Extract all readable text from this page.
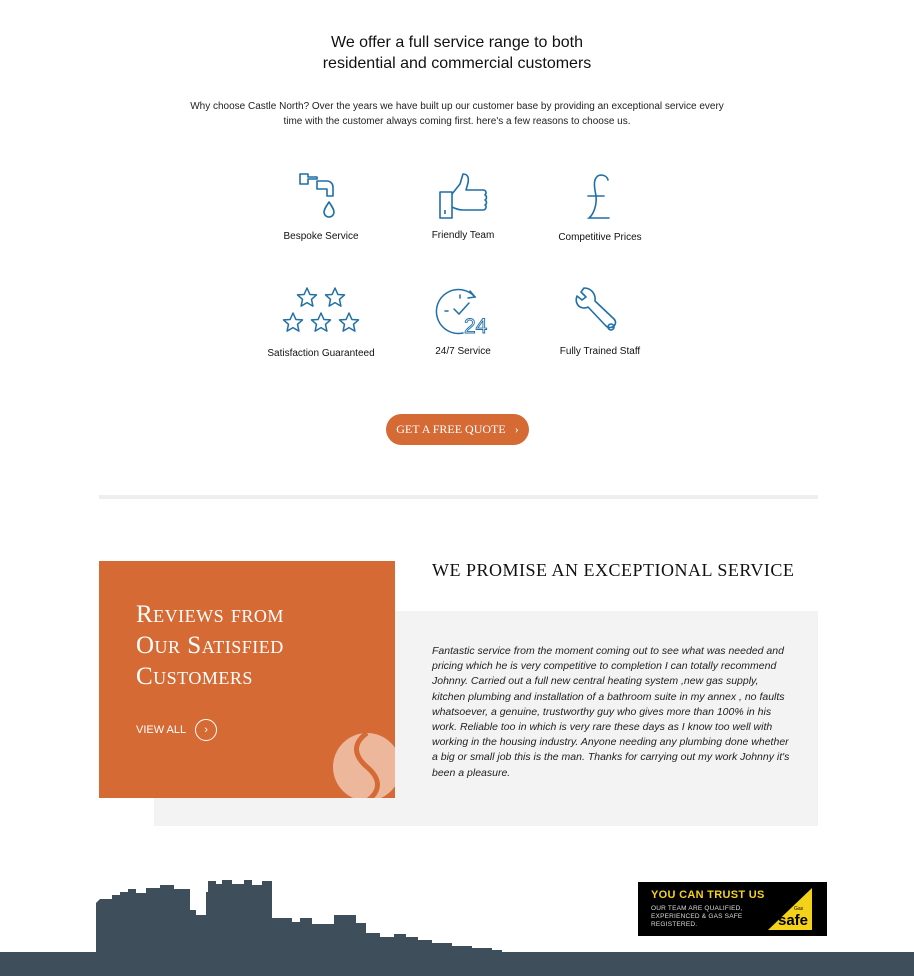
We offer a full service range to both
residential and commercial customers
Why choose Castle North? Over the years we have built up our customer base by providing an exceptional service every time with the customer always coming first. here's a few reasons to choose us.
Bespoke Service	Friendly Team	Competitive Prices
Satisfaction Guaranteed
24
24/7 Service	Fully Trained Staff
GET A FREE QUOTE ›
WE PROMISE AN EXCEPTIONAL SERVICE
Fantastic service from the moment coming out to see what was needed and pricing which he is very competitive to completion I can totally recommend Johnny. Carried out a full new central heating system ,new gas supply, kitchen plumbing and installation of a bathroom suite in my annex , no faults whatsoever, a genuine, trustworthy guy who gives more than 100% in his work. Reliable too in which is very rare these days as I know too well with working in the housing industry. Anyone needing any plumbing done whether a big or small job this is the man. Thanks for carrying out my work Johnny it's been a pleasure.
Reviews from
Our Satisfied
Customers
VIEW ALL	›
YOU CAN TRUST US
OUR TEAM ARE QUALIFIED, EXPERIENCED & GAS SAFE REGISTERED.
Gas
safe
